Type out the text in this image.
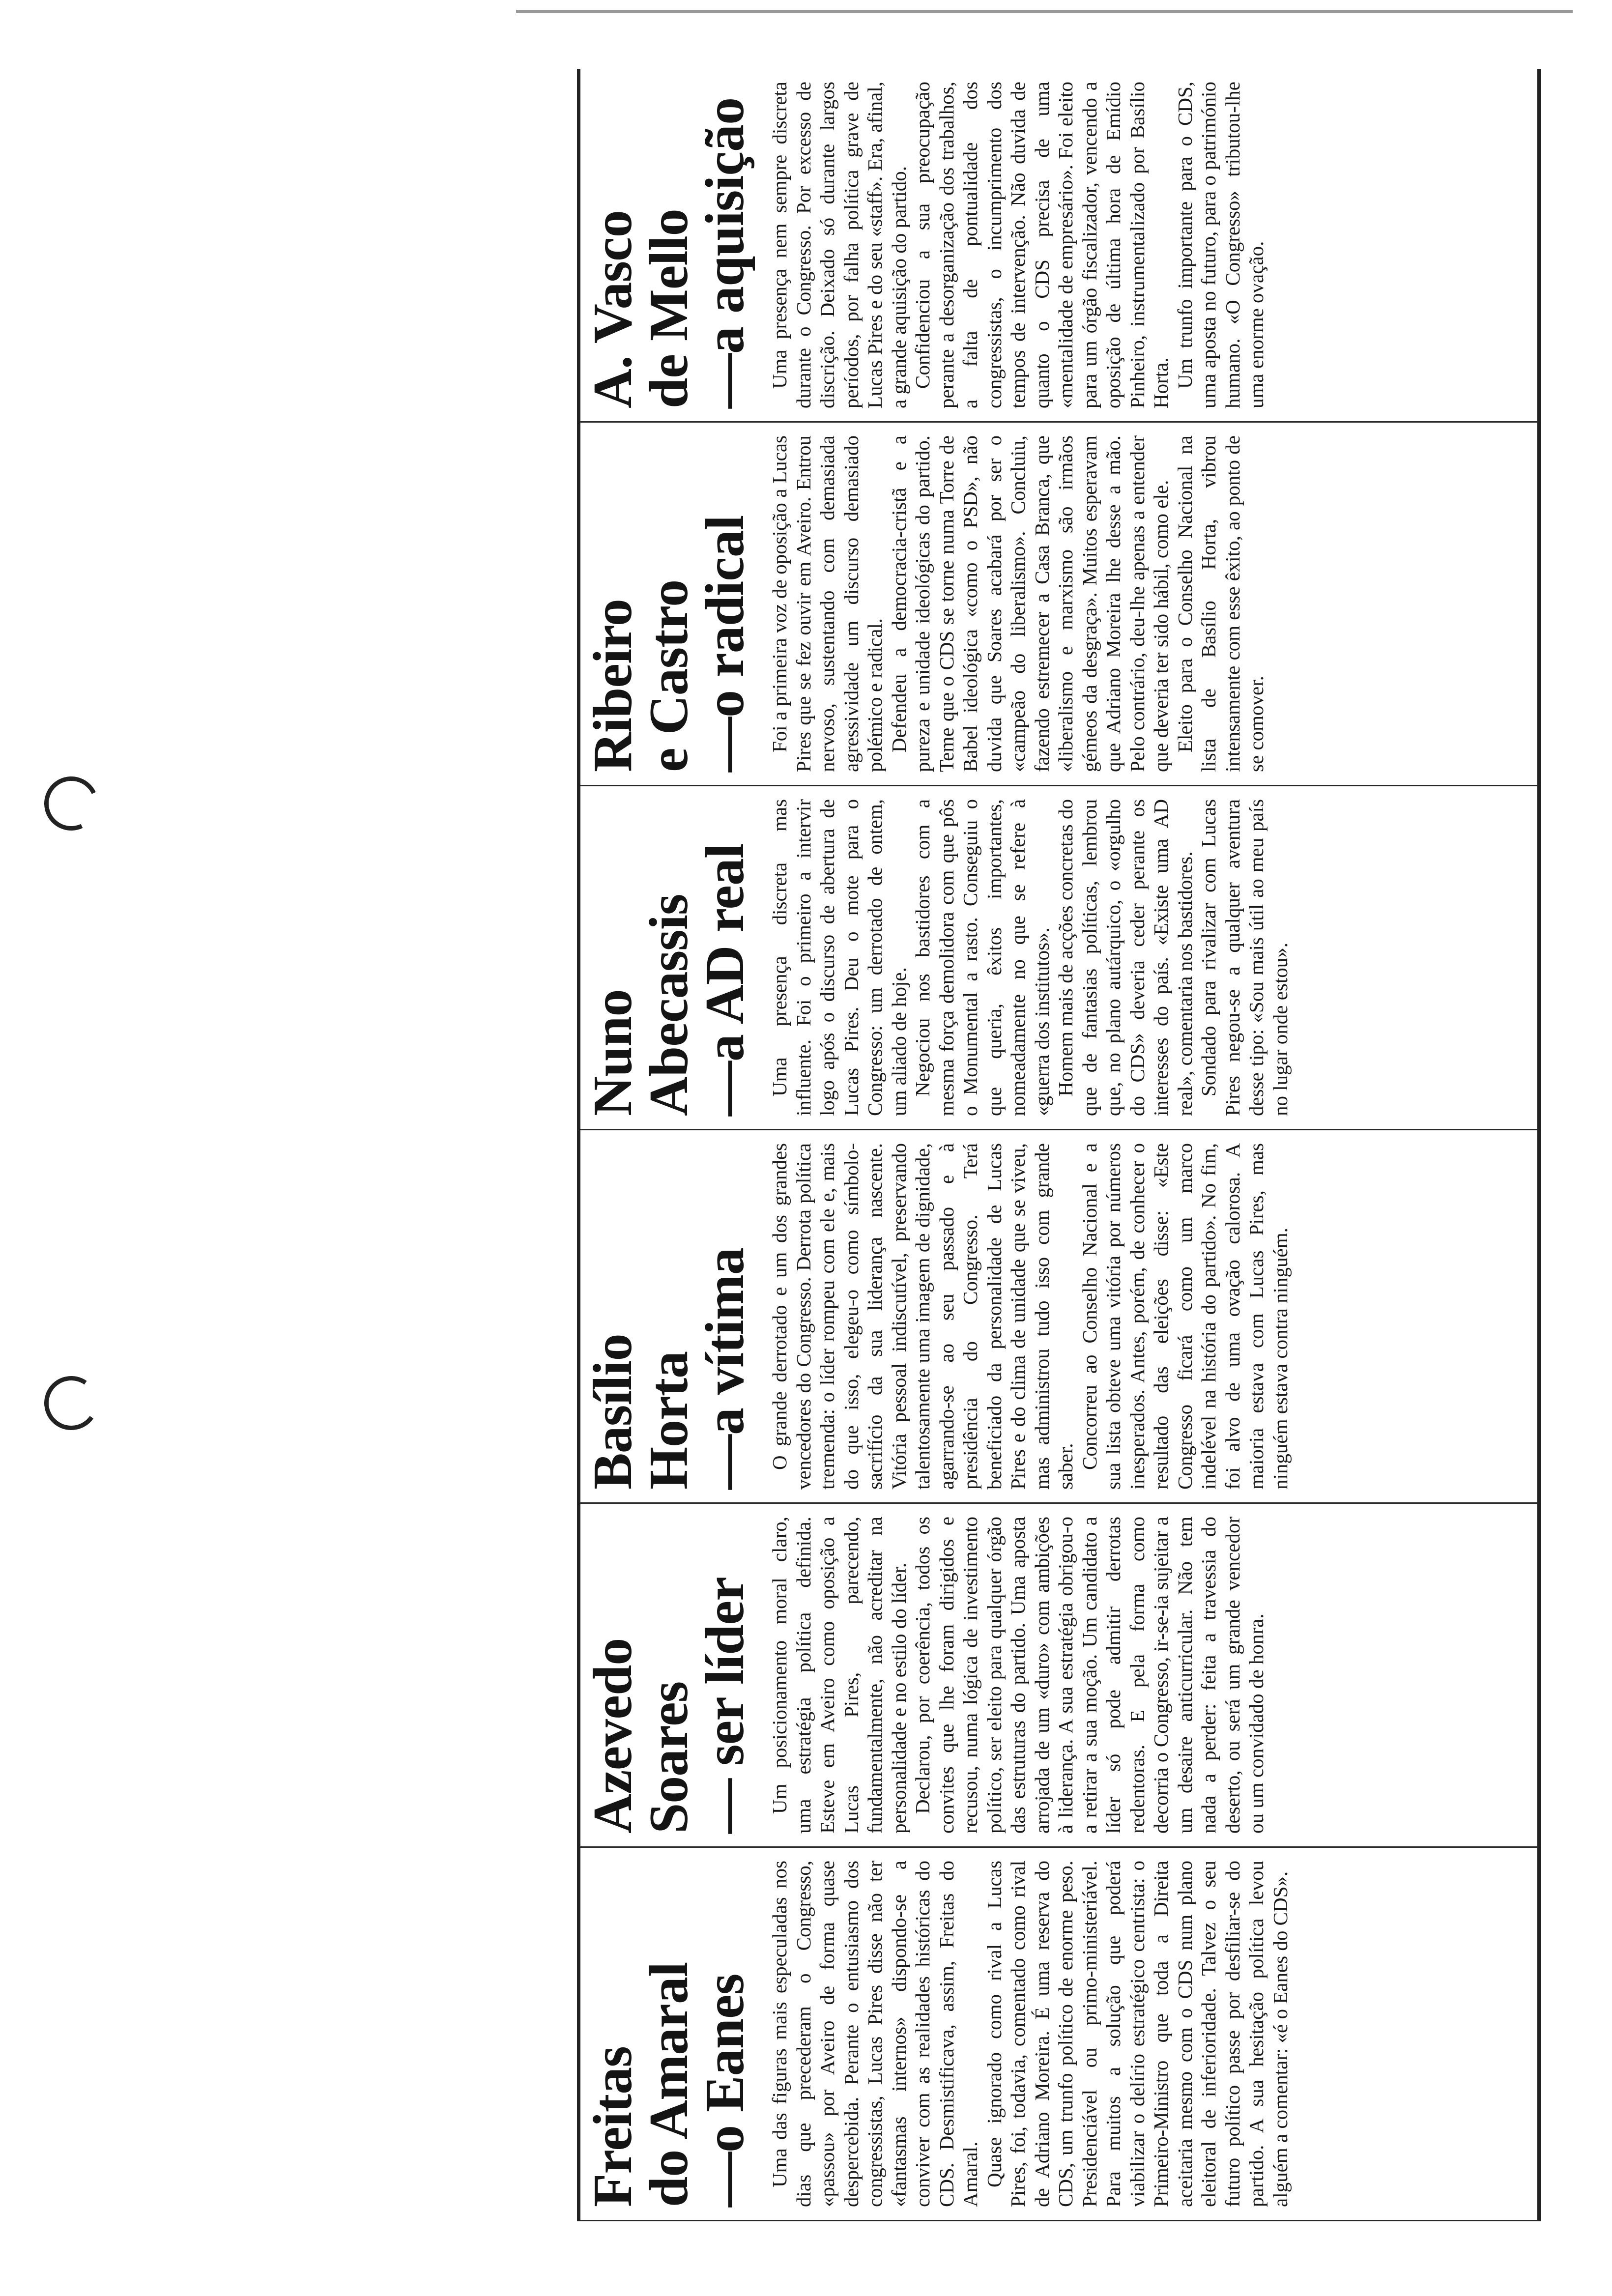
Freitas
do Amaral
—o Eanes Uma das figuras mais especuladas nos dias que precederam o Congresso, «passou» por Aveiro de forma quase despercebida. Perante o entusiasmo dos congressistas, Lucas Pires disse não ter «fantasmas internos» dispondo-se a conviver com as realidades históricas do CDS. Desmistificava, assim, Freitas do Amaral. Quase ignorado como rival a Lucas Pires, foi, todavia, comentado como rival de Adriano Moreira. É uma reserva do CDS, um trunfo político de enorme peso. Presidenciável ou primo-ministeriável. Para muitos a solução que poderá viabilizar o delírio estratégico centrista: o Primeiro-Ministro que toda a Direita aceitaria mesmo com o CDS num plano eleitoral de inferioridade. Talvez o seu futuro político passe por desfiliar-se do partido. A sua hesitação política levou alguém a comentar: «é o Eanes do CDS».

Azevedo
Soares
— ser líder Um posicionamento moral claro, uma estratégia política definida. Esteve em Aveiro como oposição a Lucas Pires, parecendo, fundamentalmente, não acreditar na personalidade e no estilo do líder. Declarou, por coerência, todos os convites que lhe foram dirigidos e recusou, numa lógica de investimento político, ser eleito para qualquer órgão das estruturas do partido. Uma aposta arrojada de um «duro» com ambições à liderança. A sua estratégia obrigou-o a retirar a sua moção. Um candidato a líder só pode admitir derrotas redentoras. E pela forma como decorria o Congresso, ir-se-ia sujeitar a um desaire anticurricular. Não tem nada a perder: feita a travessia do deserto, ou será um grande vencedor ou um convidado de honra.

Basílio
Horta
—a vítima O grande derrotado e um dos grandes vencedores do Congresso. Derrota política tremenda: o líder rompeu com ele e, mais do que isso, elegeu-o como símbolo-sacrifício da sua liderança nascente. Vitória pessoal indiscutível, preservando talentosamente uma imagem de dignidade, agarrando-se ao seu passado e à presidência do Congresso. Terá beneficiado da personalidade de Lucas Pires e do clima de unidade que se viveu, mas administrou tudo isso com grande saber. Concorreu ao Conselho Nacional e a sua lista obteve uma vitória por números inesperados. Antes, porém, de conhecer o resultado das eleições disse: «Este Congresso ficará como um marco indelével na história do partido». No fim, foi alvo de uma ovação calorosa. A maioria estava com Lucas Pires, mas ninguém estava contra ninguém.

Nuno
Abecassis
—a AD real Uma presença discreta mas influente. Foi o primeiro a intervir logo após o discurso de abertura de Lucas Pires. Deu o mote para o Congresso: um derrotado de ontem, um aliado de hoje. Negociou nos bastidores com a mesma força demolidora com que pôs o Monumental a rasto. Conseguiu o que queria, êxitos importantes, nomeadamente no que se refere à «guerra dos institutos». Homem mais de acções concretas do que de fantasias políticas, lembrou que, no plano autárquico, o «orgulho do CDS» deveria ceder perante os interesses do país. «Existe uma AD real», comentaria nos bastidores. Sondado para rivalizar com Lucas Pires negou-se a qualquer aventura desse tipo: «Sou mais útil ao meu país no lugar onde estou».

Ribeiro
e Castro
—o radical Foi a primeira voz de oposição a Lucas Pires que se fez ouvir em Aveiro. Entrou nervoso, sustentando com demasiada agressividade um discurso demasiado polémico e radical. Defendeu a democracia-cristã e a pureza e unidade ideológicas do partido. Teme que o CDS se torne numa Torre de Babel ideológica «como o PSD», não duvida que Soares acabará por ser o «campeão do liberalismo». Concluiu, fazendo estremecer a Casa Branca, que «liberalismo e marxismo são irmãos gémeos da desgraça». Muitos esperavam que Adriano Moreira lhe desse a mão. Pelo contrário, deu-lhe apenas a entender que deveria ter sido hábil, como ele. Eleito para o Conselho Nacional na lista de Basílio Horta, vibrou intensamente com esse êxito, ao ponto de se comover.

A. Vasco
de Mello
—a aquisição Uma presença nem sempre discreta durante o Congresso. Por excesso de discrição. Deixado só durante largos períodos, por falha política grave de Lucas Pires e do seu «staff». Era, afinal, a grande aquisição do partido. Confidenciou a sua preocupação perante a desorganização dos trabalhos, a falta de pontualidade dos congressistas, o incumprimento dos tempos de intervenção. Não duvida de quanto o CDS precisa de uma «mentalidade de empresário». Foi eleito para um órgão fiscalizador, vencendo a oposição de última hora de Emídio Pinheiro, instrumentalizado por Basílio Horta. Um trunfo importante para o CDS, uma aposta no futuro, para o património humano. «O Congresso» tributou-lhe uma enorme ovação.
